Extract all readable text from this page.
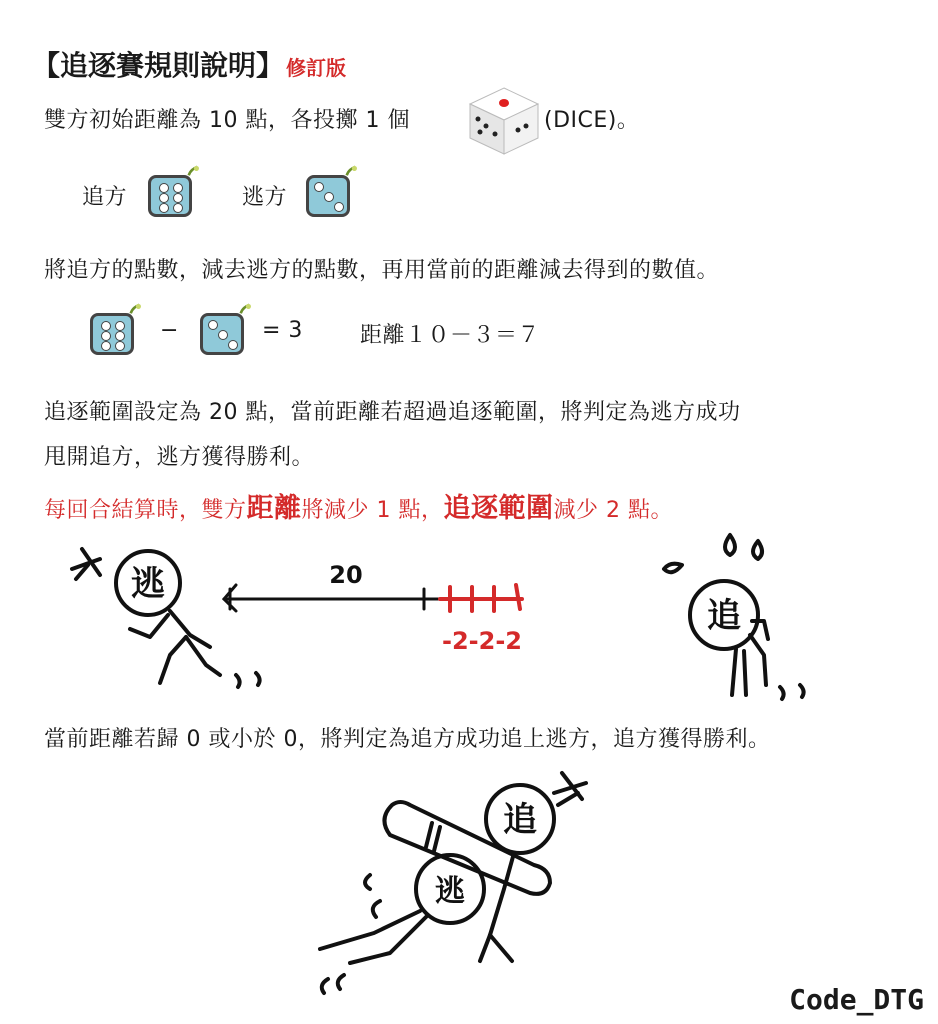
【追逐賽規則說明】 修訂版
雙方初始距離為 10 點，各投擲 1 個	(DICE)。
追方	逃方
將追方的點數，減去逃方的點數，再用當前的距離減去得到的數值。
−	= 3	距離１０－３＝７
追逐範圍設定為 20 點，當前距離若超過追逐範圍，將判定為逃方成功
甩開追方，逃方獲得勝利。
每回合結算時，雙方距離將減少 1 點，追逐範圍減少 2 點。
逃	20
-2-2-2
追
當前距離若歸 0 或小於 0，將判定為追方成功追上逃方，追方獲得勝利。
追
逃
Code_DTG
